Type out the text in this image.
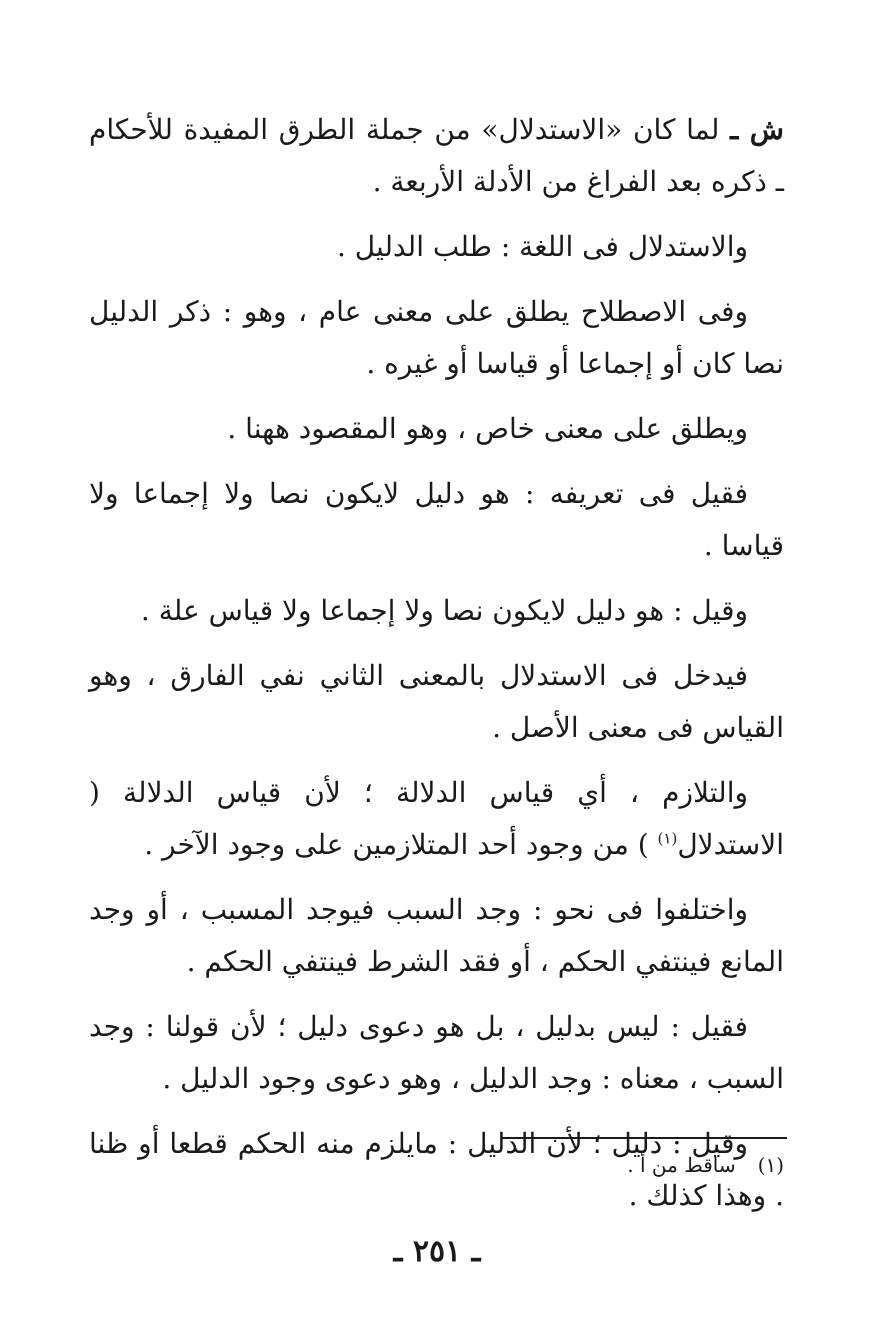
ش ـ لما كان «الاستدلال» من جملة الطرق المفيدة للأحكام ـ ذكره بعد الفراغ من الأدلة الأربعة .

والاستدلال فى اللغة : طلب الدليل .

وفى الاصطلاح يطلق على معنى عام ، وهو : ذكر الدليل نصا كان أو إجماعا أو قياسا أو غيره .

ويطلق على معنى خاص ، وهو المقصود ههنا .

فقيل فى تعريفه : هو دليل لايكون نصا ولا إجماعا ولا قياسا .

وقيل : هو دليل لايكون نصا ولا إجماعا ولا قياس علة .

فيدخل فى الاستدلال بالمعنى الثاني نفي الفارق ، وهو القياس فى معنى الأصل .

والتلازم ، أي قياس الدلالة ؛ لأن قياس الدلالة ( الاستدلال$^{(١)}$ ) من وجود أحد المتلازمين على وجود الآخر .

واختلفوا فى نحو : وجد السبب فيوجد المسبب ، أو وجد المانع فينتفي الحكم ، أو فقد الشرط فينتفي الحكم .

فقيل : ليس بدليل ، بل هو دعوى دليل ؛ لأن قولنا : وجد السبب ، معناه : وجد الدليل ، وهو دعوى وجود الدليل .

وقيل : دليل ؛ لأن الدليل : مايلزم منه الحكم قطعا أو ظنا . وهذا كذلك .

(١)ساقط من أ .
ـ ٢٥١ ـ
